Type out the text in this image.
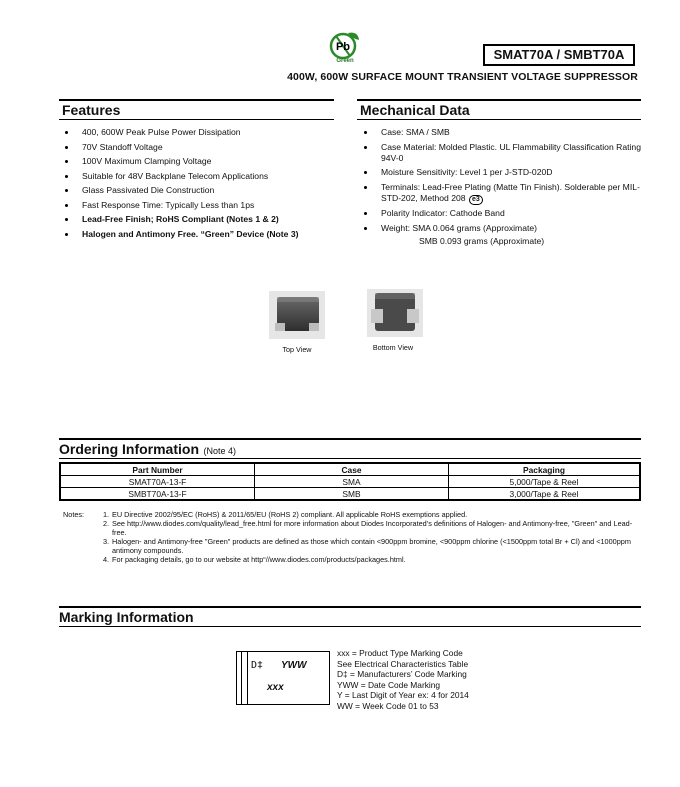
Pb
Green	SMAT70A / SMBT70A
400W, 600W SURFACE MOUNT TRANSIENT VOLTAGE SUPPRESSOR
Features
400, 600W Peak Pulse Power Dissipation
70V Standoff Voltage
100V Maximum Clamping Voltage
Suitable for 48V Backplane Telecom Applications
Glass Passivated Die Construction
Fast Response Time: Typically Less than 1ps
Lead-Free Finish; RoHS Compliant (Notes 1 & 2)
Halogen and Antimony Free. “Green” Device (Note 3)
Mechanical Data
Case: SMA / SMB
Case Material: Molded Plastic. UL Flammability Classification Rating 94V-0
Moisture Sensitivity: Level 1 per J-STD-020D
Terminals: Lead-Free Plating (Matte Tin Finish). Solderable per MIL-STD-202, Method 208 e3
Polarity Indicator: Cathode Band
Weight: SMA 0.064 grams (Approximate)
SMB 0.093 grams (Approximate)
Top View	Bottom View
Ordering Information (Note 4)
Part Number	Case	Packaging
SMAT70A-13-F	SMA	5,000/Tape & Reel
SMBT70A-13-F	SMB	3,000/Tape & Reel
Notes:	1. EU Directive 2002/95/EC (RoHS) & 2011/65/EU (RoHS 2) compliant. All applicable RoHS exemptions applied.
2. See http://www.diodes.com/quality/lead_free.html for more information about Diodes Incorporated’s definitions of Halogen- and Antimony-free, "Green" and Lead-free.
3. Halogen- and Antimony-free "Green" products are defined as those which contain <900ppm bromine, <900ppm chlorine (<1500ppm total Br + Cl) and <1000ppm antimony compounds.
4. For packaging details, go to our website at http“//www.diodes.com/products/packages.html.
Marking Information
D‡ YWW
xxx
xxx = Product Type Marking Code
See Electrical Characteristics Table
D‡ = Manufacturers’ Code Marking
YWW = Date Code Marking
Y = Last Digit of Year ex: 4 for 2014
WW = Week Code 01 to 53
